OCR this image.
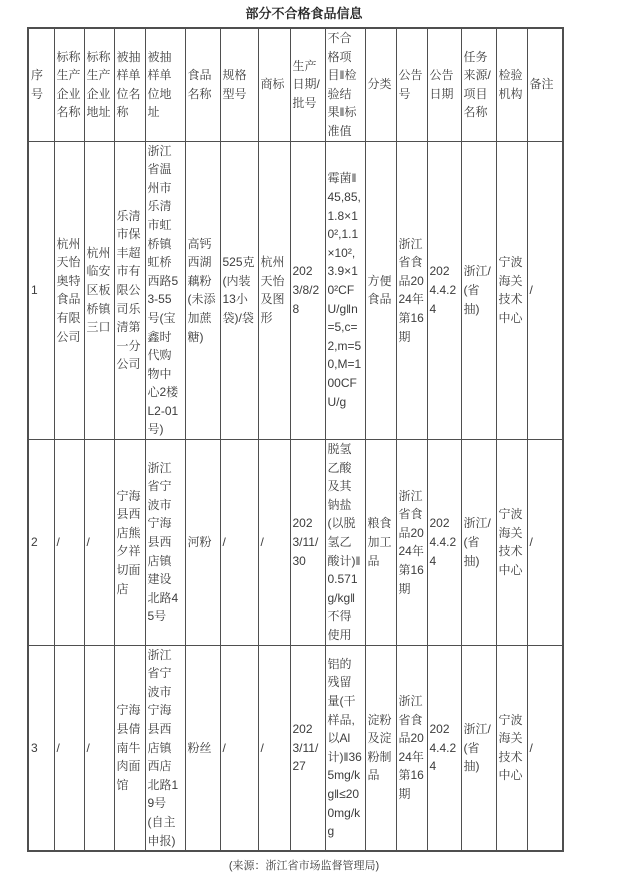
部分不合格食品信息
序号	标称生产企业名称	标称生产企业地址	被抽样单位名称	被抽样单位地址	食品名称	规格型号	商标	生产日期/批号	不合格项目‖检验结果‖标准值	分类	公告号	公告日期	任务来源/项目名称	检验机构	备注
1	杭州天怡奥特食品有限公司	杭州临安区板桥镇三口	乐清市保丰超市有限公司乐清第一分公司	浙江省温州市乐清市虹桥镇虹桥西路53-55号(宝鑫时代购物中心2楼L2-01号)	高钙西湖藕粉(未添加蔗糖)	525克(内装13小袋)/袋	杭州天怡及图形	2023/8/28	霉菌‖45,85,1.8×10²,1.1×10²,3.9×10²CFU/g‖n=5,c=2,m=50,M=100CFU/g	方便食品	浙江省食品2024年第16期	2024.4.24	浙江/(省抽)	宁波海关技术中心	/
2	/	/	宁海县西店熊夕祥切面店	浙江省宁波市宁海县西店镇建设北路45号	河粉	/	/	2023/11/30	脱氢乙酸及其钠盐(以脱氢乙酸计)‖0.571g/kg‖不得使用	粮食加工品	浙江省食品2024年第16期	2024.4.24	浙江/(省抽)	宁波海关技术中心	/
3	/	/	宁海县倩南牛肉面馆	浙江省宁波市宁海县西店镇西店北路19号 (自主申报)	粉丝	/	/	2023/11/27	铝的残留量(干样品,以Al计)‖365mg/kg‖≤200mg/kg	淀粉及淀粉制品	浙江省食品2024年第16期	2024.4.24	浙江/(省抽)	宁波海关技术中心	/
(来源：浙江省市场监督管理局)
